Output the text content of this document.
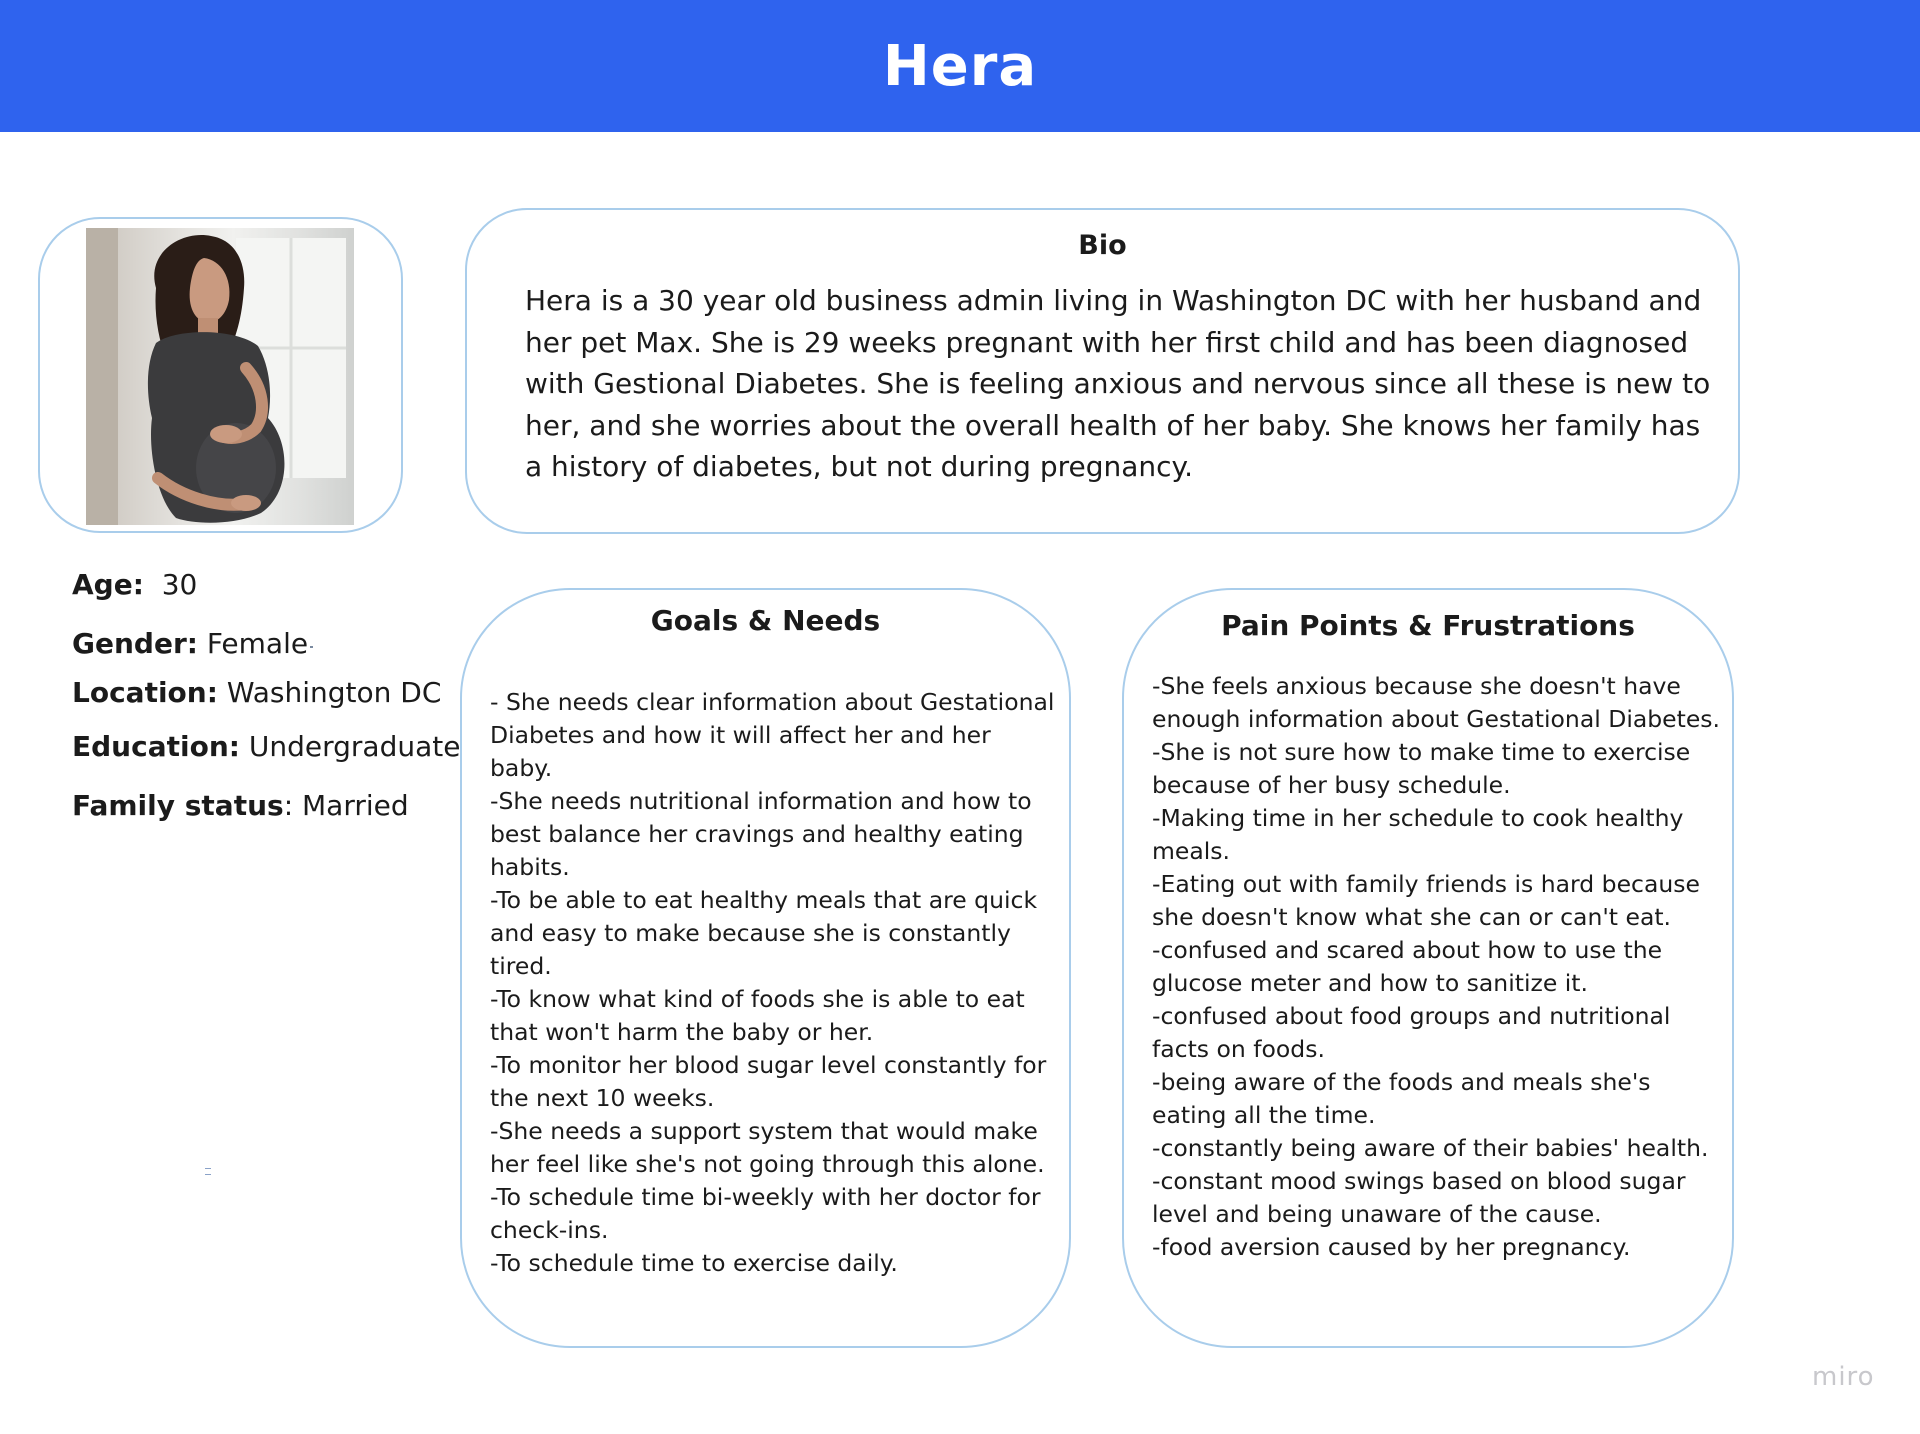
Hera
Age: 30
Gender: Female
Location: Washington DC
Education: Undergraduate
Family status: Married
Bio
Hera is a 30 year old business admin living in Washington DC with her husband and her pet Max. She is 29 weeks pregnant with her first child and has been diagnosed with Gestional Diabetes. She is feeling anxious and nervous since all these is new to her, and she worries about the overall health of her baby. She knows her family has a history of diabetes, but not during pregnancy.
Goals & Needs
- She needs clear information about Gestational Diabetes and how it will affect her and her baby.
-She needs nutritional information and how to best balance her cravings and healthy eating habits.
-To be able to eat healthy meals that are quick and easy to make because she is constantly tired.
-To know what kind of foods she is able to eat that won't harm the baby or her.
-To monitor her blood sugar level constantly for the next 10 weeks.
-She needs a support system that would make her feel like she's not going through this alone.
-To schedule time bi-weekly with her doctor for check-ins.
-To schedule time to exercise daily.
Pain Points & Frustrations
-She feels anxious because she doesn't have enough information about Gestational Diabetes.
-She is not sure how to make time to exercise because of her busy schedule.
-Making time in her schedule to cook healthy meals.
-Eating out with family friends is hard because she doesn't know what she can or can't eat.
-confused and scared about how to use the glucose meter and how to sanitize it.
-confused about food groups and nutritional facts on foods.
-being aware of the foods and meals she's eating all the time.
-constantly being aware of their babies' health.
-constant mood swings based on blood sugar level and being unaware of the cause.
-food aversion caused by her pregnancy.
miro
